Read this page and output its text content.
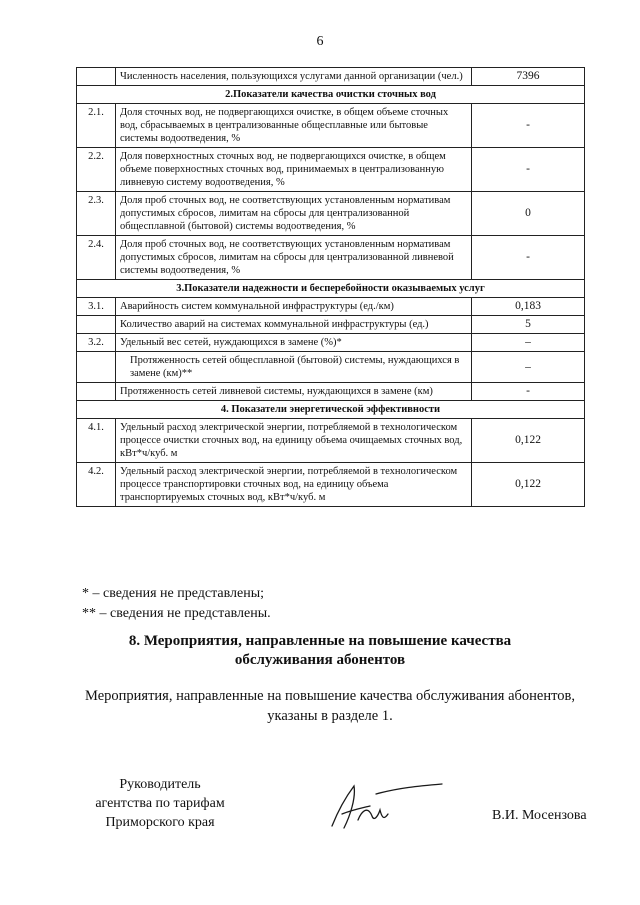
6
	Численность населения, пользующихся услугами данной организации (чел.)	7396
2.Показатели качества очистки сточных вод		
2.1.	Доля сточных вод, не подвергающихся очистке, в общем объеме сточных вод, сбрасываемых в централизованные общесплавные или бытовые системы водоотведения, %	-
2.2.	Доля поверхностных сточных вод, не подвергающихся очистке, в общем объеме поверхностных сточных вод, принимаемых в централизованную ливневую систему водоотведения, %	-
2.3.	Доля проб сточных вод, не соответствующих установленным нормативам допустимых сбросов, лимитам на сбросы для централизованной общесплавной (бытовой) системы водоотведения, %	0
2.4.	Доля проб сточных вод, не соответствующих установленным нормативам допустимых сбросов, лимитам на сбросы для централизованной ливневой системы водоотведения, %	-
3.Показатели надежности и бесперебойности оказываемых услуг		
3.1.	Аварийность систем коммунальной инфраструктуры (ед./км)	0,183
	Количество аварий на системах коммунальной инфраструктуры (ед.)	5
3.2.	Удельный вес сетей, нуждающихся в замене (%)*	–
	Протяженность сетей общесплавной (бытовой) системы, нуждающихся в замене (км)**	–
	Протяженность сетей ливневой системы, нуждающихся в замене (км)	-
4. Показатели энергетической эффективности		
4.1.	Удельный расход электрической энергии, потребляемой в технологическом процессе очистки сточных вод, на единицу объема очищаемых сточных вод, кВт*ч/куб. м	0,122
4.2.	Удельный расход электрической энергии, потребляемой в технологическом процессе транспортировки сточных вод, на единицу объема транспортируемых сточных вод, кВт*ч/куб. м	0,122
* – сведения не представлены;
** – сведения не представлены.
8. Мероприятия, направленные на повышение качества
обслуживания абонентов
Мероприятия, направленные на повышение качества обслуживания абонентов,
указаны в разделе 1.
Руководитель
агентства по тарифам
Приморского края	В.И. Мосензова
